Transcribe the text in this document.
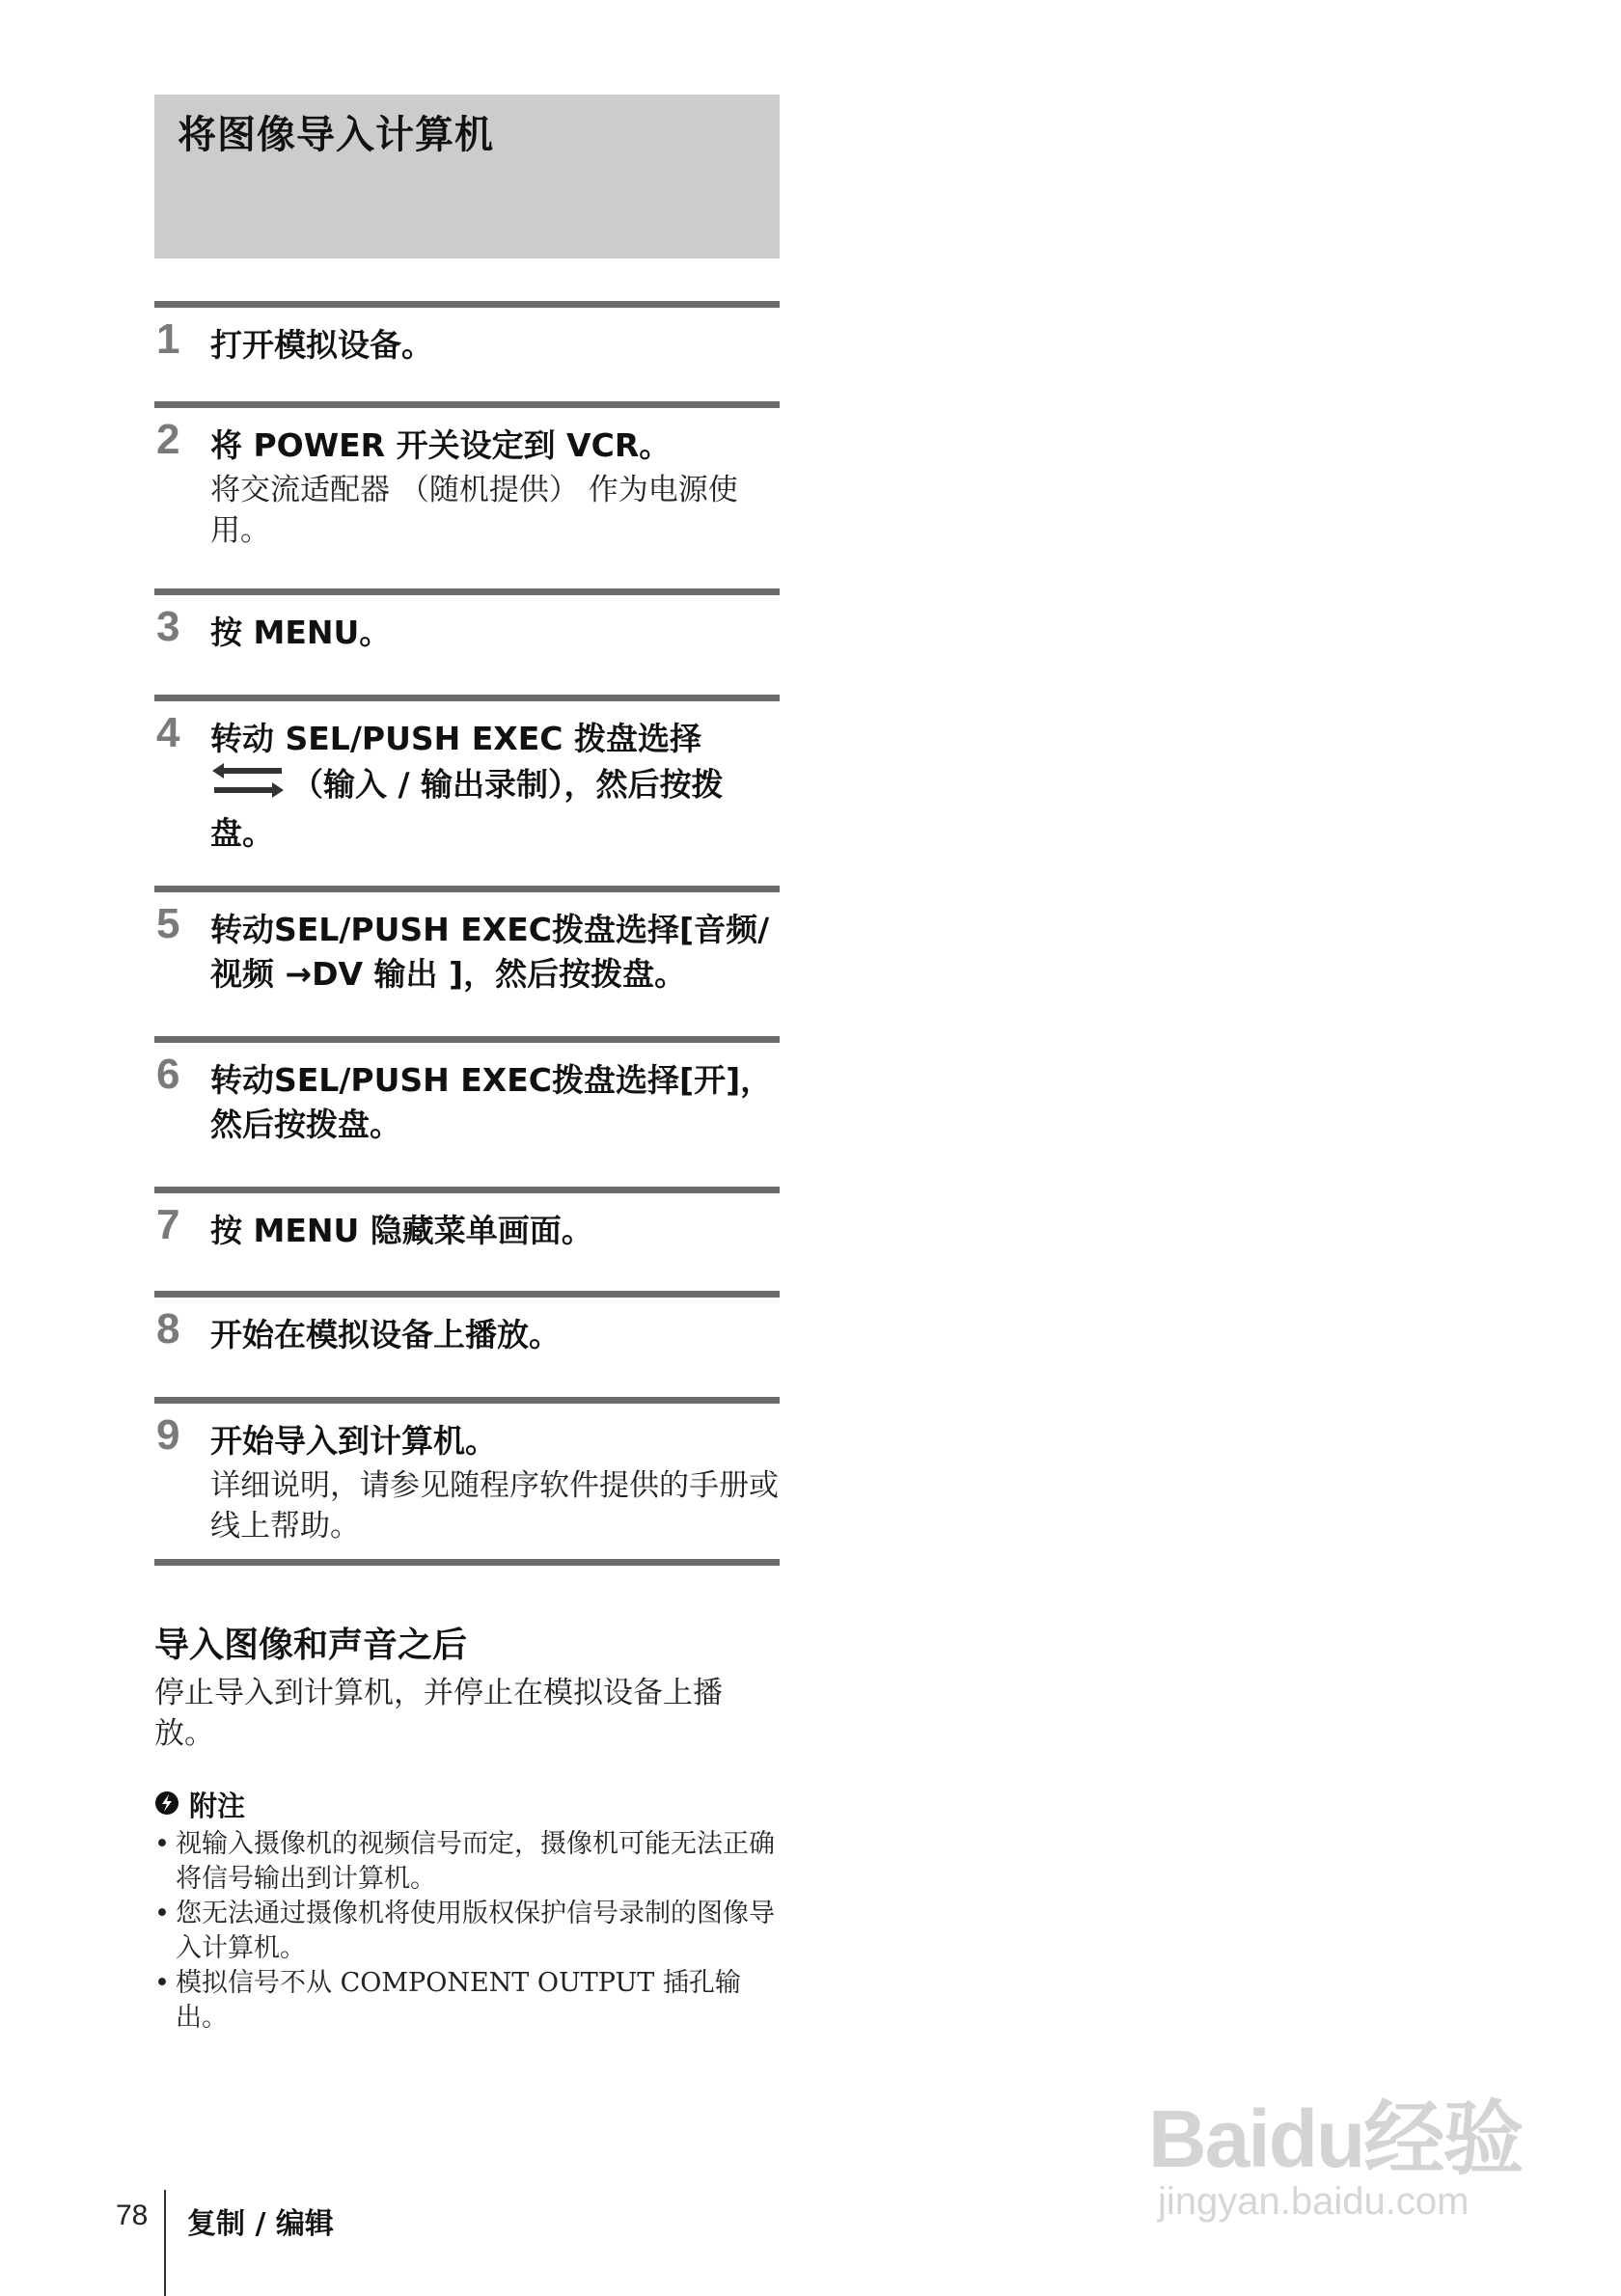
将图像导入计算机
1 打开模拟设备。
2 将 POWER 开关设定到 VCR。
将交流适配器 （随机提供） 作为电源使用。
3 按 MENU。
4 转动 SEL/PUSH EXEC 拨盘选择
（输入 / 输出录制），然后按拨盘。
5 转动SEL/PUSH EXEC拨盘选择[音频/视频 →DV 输出 ]，然后按拨盘。
6 转动SEL/PUSH EXEC拨盘选择[开]，然后按拨盘。
7 按 MENU 隐藏菜单画面。
8 开始在模拟设备上播放。
9 开始导入到计算机。
详细说明，请参见随程序软件提供的手册或线上帮助。
导入图像和声音之后

停止导入到计算机，并停止在模拟设备上播放。

附注
• 视输入摄像机的视频信号而定，摄像机可能无法正确将信号输出到计算机。
• 您无法通过摄像机将使用版权保护信号录制的图像导入计算机。
• 模拟信号不从 COMPONENT OUTPUT 插孔输出。
78 复制 / 编辑
Baidu经验
jingyan.baidu.com
